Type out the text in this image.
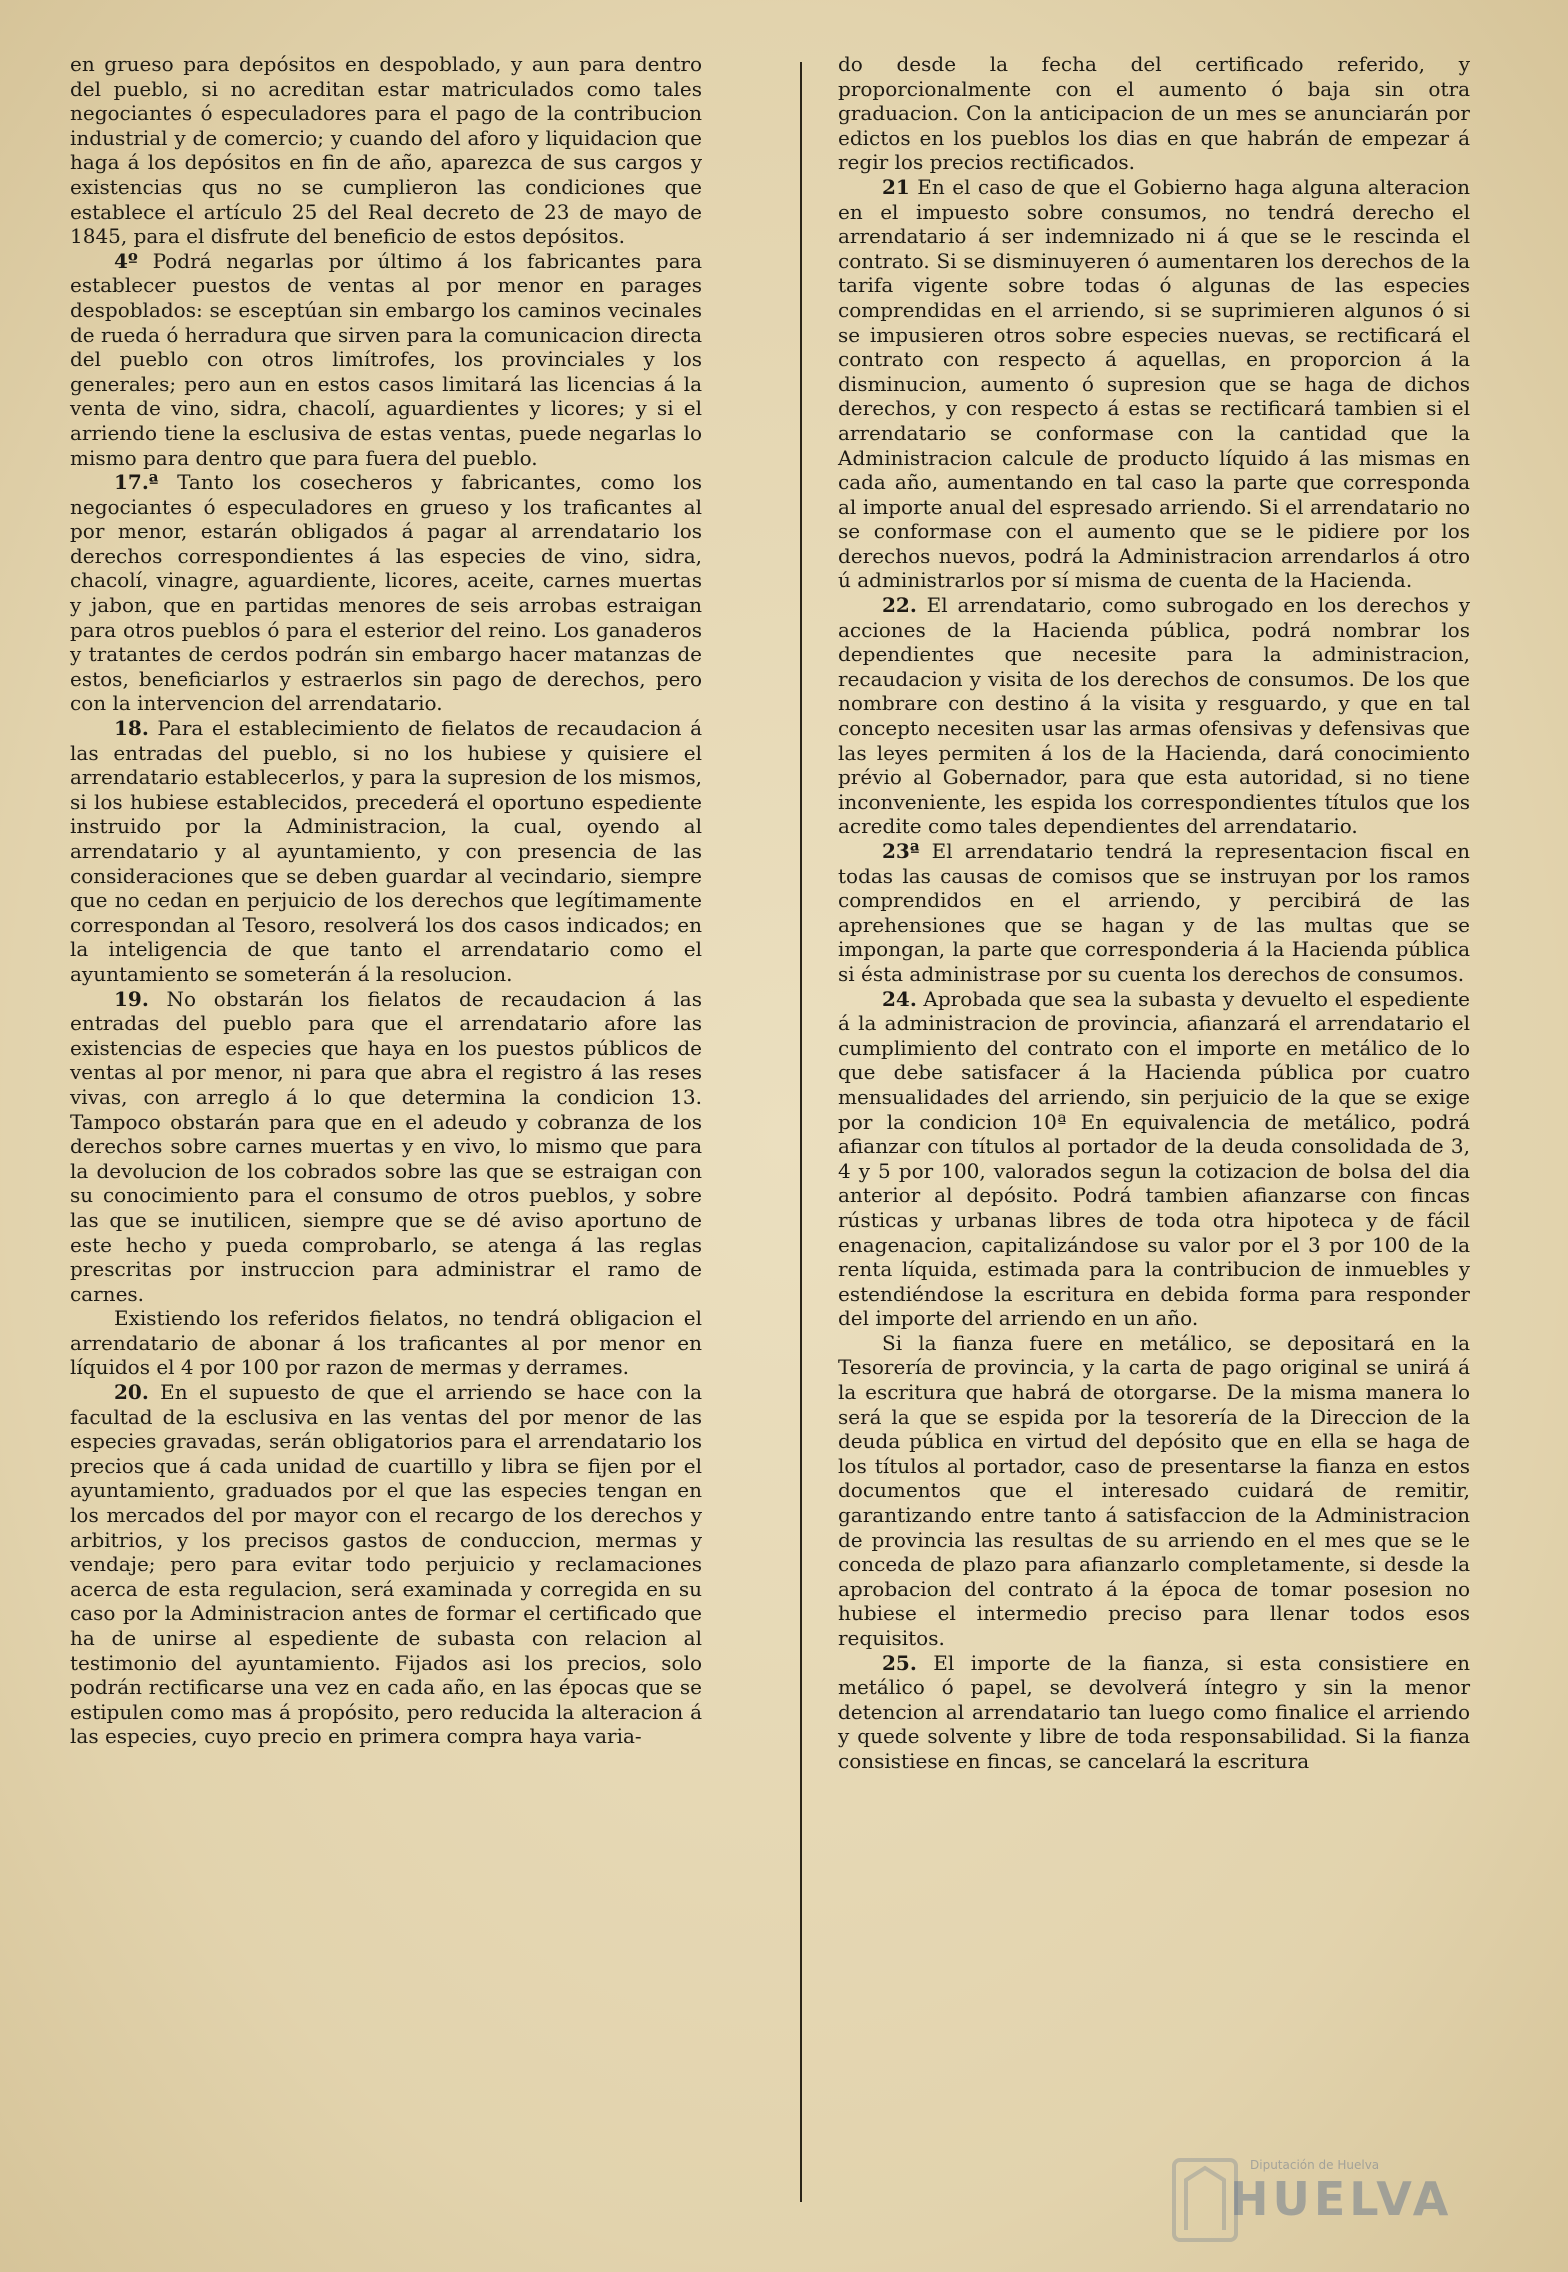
en grueso para depósitos en despoblado, y aun para dentro del pueblo, si no acreditan estar matriculados como tales negociantes ó especuladores para el pago de la contribucion industrial y de comercio; y cuando del aforo y liquidacion que haga á los depósitos en fin de año, aparezca de sus cargos y existencias qus no se cumplieron las condiciones que establece el artículo 25 del Real decreto de 23 de mayo de 1845, para el disfrute del beneficio de estos depósitos.

4º Podrá negarlas por último á los fabricantes para establecer puestos de ventas al por menor en parages despoblados: se esceptúan sin embargo los caminos vecinales de rueda ó herradura que sirven para la comunicacion directa del pueblo con otros limítrofes, los provinciales y los generales; pero aun en estos casos limitará las licencias á la venta de vino, sidra, chacolí, aguardientes y licores; y si el arriendo tiene la esclusiva de estas ventas, puede negarlas lo mismo para dentro que para fuera del pueblo.

17.ª Tanto los cosecheros y fabricantes, como los negociantes ó especuladores en grueso y los traficantes al por menor, estarán obligados á pagar al arrendatario los derechos correspondientes á las especies de vino, sidra, chacolí, vinagre, aguardiente, licores, aceite, carnes muertas y jabon, que en partidas menores de seis arrobas estraigan para otros pueblos ó para el esterior del reino. Los ganaderos y tratantes de cerdos podrán sin embargo hacer matanzas de estos, beneficiarlos y estraerlos sin pago de derechos, pero con la intervencion del arrendatario.

18. Para el establecimiento de fielatos de recaudacion á las entradas del pueblo, si no los hubiese y quisiere el arrendatario establecerlos, y para la supresion de los mismos, si los hubiese establecidos, precederá el oportuno espediente instruido por la Administracion, la cual, oyendo al arrendatario y al ayuntamiento, y con presencia de las consideraciones que se deben guardar al vecindario, siempre que no cedan en perjuicio de los derechos que legítimamente correspondan al Tesoro, resolverá los dos casos indicados; en la inteligencia de que tanto el arrendatario como el ayuntamiento se someterán á la resolucion.

19. No obstarán los fielatos de recaudacion á las entradas del pueblo para que el arrendatario afore las existencias de especies que haya en los puestos públicos de ventas al por menor, ni para que abra el registro á las reses vivas, con arreglo á lo que determina la condicion 13. Tampoco obstarán para que en el adeudo y cobranza de los derechos sobre carnes muertas y en vivo, lo mismo que para la devolucion de los cobrados sobre las que se estraigan con su conocimiento para el consumo de otros pueblos, y sobre las que se inutilicen, siempre que se dé aviso aportuno de este hecho y pueda comprobarlo, se atenga á las reglas prescritas por instruccion para administrar el ramo de carnes.

Existiendo los referidos fielatos, no tendrá obligacion el arrendatario de abonar á los traficantes al por menor en líquidos el 4 por 100 por razon de mermas y derrames.

20. En el supuesto de que el arriendo se hace con la facultad de la esclusiva en las ventas del por menor de las especies gravadas, serán obligatorios para el arrendatario los precios que á cada unidad de cuartillo y libra se fijen por el ayuntamiento, graduados por el que las especies tengan en los mercados del por mayor con el recargo de los derechos y arbitrios, y los precisos gastos de conduccion, mermas y vendaje; pero para evitar todo perjuicio y reclamaciones acerca de esta regulacion, será examinada y corregida en su caso por la Administracion antes de formar el certificado que ha de unirse al espediente de subasta con relacion al testimonio del ayuntamiento. Fijados asi los precios, solo podrán rectificarse una vez en cada año, en las épocas que se estipulen como mas á propósito, pero reducida la alteracion á las especies, cuyo precio en primera compra haya varia-

do desde la fecha del certificado referido, y proporcionalmente con el aumento ó baja sin otra graduacion. Con la anticipacion de un mes se anunciarán por edictos en los pueblos los dias en que habrán de empezar á regir los precios rectificados.

21 En el caso de que el Gobierno haga alguna alteracion en el impuesto sobre consumos, no tendrá derecho el arrendatario á ser indemnizado ni á que se le rescinda el contrato. Si se disminuyeren ó aumentaren los derechos de la tarifa vigente sobre todas ó algunas de las especies comprendidas en el arriendo, si se suprimieren algunos ó si se impusieren otros sobre especies nuevas, se rectificará el contrato con respecto á aquellas, en proporcion á la disminucion, aumento ó supresion que se haga de dichos derechos, y con respecto á estas se rectificará tambien si el arrendatario se conformase con la cantidad que la Administracion calcule de producto líquido á las mismas en cada año, aumentando en tal caso la parte que corresponda al importe anual del espresado arriendo. Si el arrendatario no se conformase con el aumento que se le pidiere por los derechos nuevos, podrá la Administracion arrendarlos á otro ú administrarlos por sí misma de cuenta de la Hacienda.

22. El arrendatario, como subrogado en los derechos y acciones de la Hacienda pública, podrá nombrar los dependientes que necesite para la administracion, recaudacion y visita de los derechos de consumos. De los que nombrare con destino á la visita y resguardo, y que en tal concepto necesiten usar las armas ofensivas y defensivas que las leyes permiten á los de la Hacienda, dará conocimiento prévio al Gobernador, para que esta autoridad, si no tiene inconveniente, les espida los correspondientes títulos que los acredite como tales dependientes del arrendatario.

23ª El arrendatario tendrá la representacion fiscal en todas las causas de comisos que se instruyan por los ramos comprendidos en el arriendo, y percibirá de las aprehensiones que se hagan y de las multas que se impongan, la parte que corresponderia á la Hacienda pública si ésta administrase por su cuenta los derechos de consumos.

24. Aprobada que sea la subasta y devuelto el espediente á la administracion de provincia, afianzará el arrendatario el cumplimiento del contrato con el importe en metálico de lo que debe satisfacer á la Hacienda pública por cuatro mensualidades del arriendo, sin perjuicio de la que se exige por la condicion 10ª En equivalencia de metálico, podrá afianzar con títulos al portador de la deuda consolidada de 3, 4 y 5 por 100, valorados segun la cotizacion de bolsa del dia anterior al depósito. Podrá tambien afianzarse con fincas rústicas y urbanas libres de toda otra hipoteca y de fácil enagenacion, capitalizándose su valor por el 3 por 100 de la renta líquida, estimada para la contribucion de inmuebles y estendiéndose la escritura en debida forma para responder del importe del arriendo en un año.

Si la fianza fuere en metálico, se depositará en la Tesorería de provincia, y la carta de pago original se unirá á la escritura que habrá de otorgarse. De la misma manera lo será la que se espida por la tesorería de la Direccion de la deuda pública en virtud del depósito que en ella se haga de los títulos al portador, caso de presentarse la fianza en estos documentos que el interesado cuidará de remitir, garantizando entre tanto á satisfaccion de la Administracion de provincia las resultas de su arriendo en el mes que se le conceda de plazo para afianzarlo completamente, si desde la aprobacion del contrato á la época de tomar posesion no hubiese el intermedio preciso para llenar todos esos requisitos.

25. El importe de la fianza, si esta consistiere en metálico ó papel, se devolverá íntegro y sin la menor detencion al arrendatario tan luego como finalice el arriendo y quede solvente y libre de toda responsabilidad. Si la fianza consistiese en fincas, se cancelará la escritura

Diputación de Huelva
HUELVA
